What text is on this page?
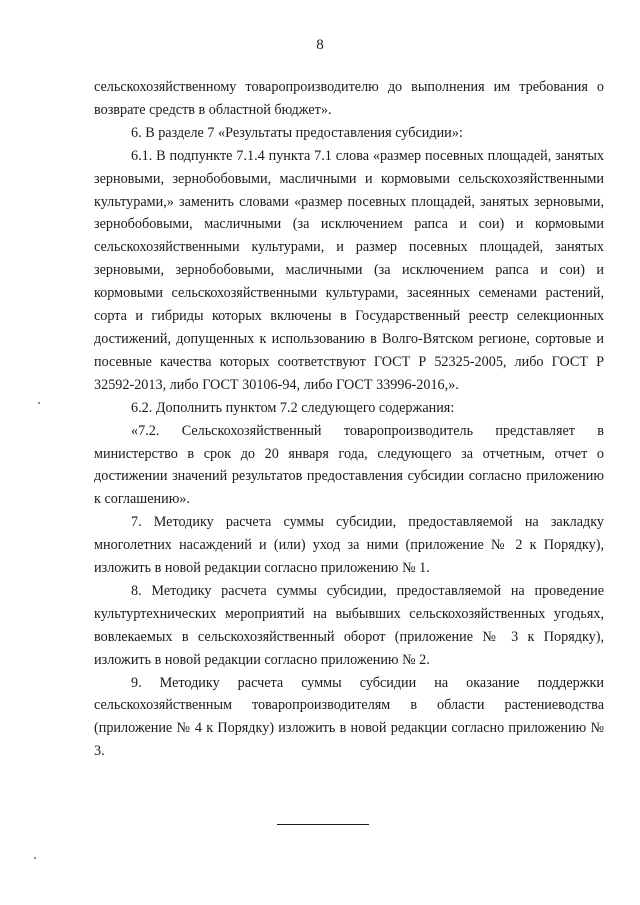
8

сельскохозяйственному товаропроизводителю до выполнения им требования о возврате средств в областной бюджет».

6. В разделе 7 «Результаты предоставления субсидии»:

6.1. В подпункте 7.1.4 пункта 7.1 слова «размер посевных площадей, занятых зерновыми, зернобобовыми, масличными и кормовыми сельскохозяйственными культурами,» заменить словами «размер посевных площадей, занятых зерновыми, зернобобовыми, масличными (за исключением рапса и сои) и кормовыми сельскохозяйственными культурами, и размер посевных площадей, занятых зерновыми, зернобобовыми, масличными (за исключением рапса и сои) и кормовыми сельскохозяйственными культурами, засеянных семенами растений, сорта и гибриды которых включены в Государственный реестр селекционных достижений, допущенных к использованию в Волго-Вятском регионе, сортовые и посевные качества которых соответствуют ГОСТ Р 52325-2005, либо ГОСТ Р 32592-2013, либо ГОСТ 30106-94, либо ГОСТ 33996-2016,».

6.2. Дополнить пунктом 7.2 следующего содержания:

«7.2. Сельскохозяйственный товаропроизводитель представляет в министерство в срок до 20 января года, следующего за отчетным, отчет о достижении значений результатов предоставления субсидии согласно приложению к соглашению».

7. Методику расчета суммы субсидии, предоставляемой на закладку многолетних насаждений и (или) уход за ними (приложение № 2 к Порядку), изложить в новой редакции согласно приложению № 1.

8. Методику расчета суммы субсидии, предоставляемой на проведение культуртехнических мероприятий на выбывших сельскохозяйственных угодьях, вовлекаемых в сельскохозяйственный оборот (приложение № 3 к Порядку), изложить в новой редакции согласно приложению № 2.

9. Методику расчета суммы субсидии на оказание поддержки сельскохозяйственным товаропроизводителям в области растениеводства (приложение № 4 к Порядку) изложить в новой редакции согласно приложению № 3.
